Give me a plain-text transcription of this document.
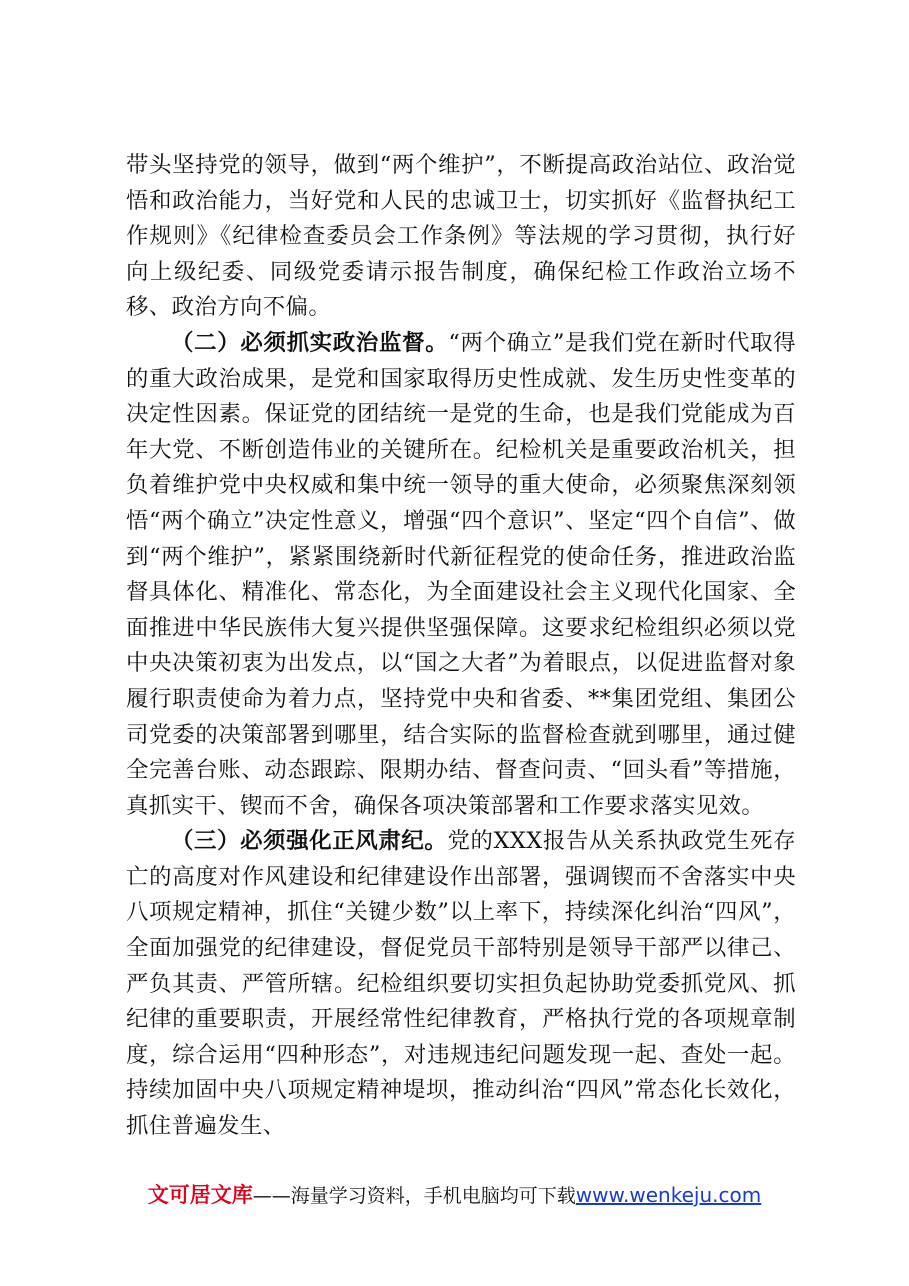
带头坚持党的领导，做到“两个维护”，不断提高政治站位、政治觉悟和政治能力，当好党和人民的忠诚卫士，切实抓好《监督执纪工作规则》《纪律检查委员会工作条例》等法规的学习贯彻，执行好向上级纪委、同级党委请示报告制度，确保纪检工作政治立场不移、政治方向不偏。

（二）必须抓实政治监督。“两个确立”是我们党在新时代取得的重大政治成果，是党和国家取得历史性成就、发生历史性变革的决定性因素。保证党的团结统一是党的生命，也是我们党能成为百年大党、不断创造伟业的关键所在。纪检机关是重要政治机关，担负着维护党中央权威和集中统一领导的重大使命，必须聚焦深刻领悟“两个确立”决定性意义，增强“四个意识”、坚定“四个自信”、做到“两个维护”，紧紧围绕新时代新征程党的使命任务，推进政治监督具体化、精准化、常态化，为全面建设社会主义现代化国家、全面推进中华民族伟大复兴提供坚强保障。这要求纪检组织必须以党中央决策初衷为出发点，以“国之大者”为着眼点，以促进监督对象履行职责使命为着力点，坚持党中央和省委、**集团党组、集团公司党委的决策部署到哪里，结合实际的监督检查就到哪里，通过健全完善台账、动态跟踪、限期办结、督查问责、“回头看”等措施，真抓实干、锲而不舍，确保各项决策部署和工作要求落实见效。

（三）必须强化正风肃纪。党的XXX报告从关系执政党生死存亡的高度对作风建设和纪律建设作出部署，强调锲而不舍落实中央八项规定精神，抓住“关键少数”以上率下，持续深化纠治“四风”，全面加强党的纪律建设，督促党员干部特别是领导干部严以律己、严负其责、严管所辖。纪检组织要切实担负起协助党委抓党风、抓纪律的重要职责，开展经常性纪律教育，严格执行党的各项规章制度，综合运用“四种形态”，对违规违纪问题发现一起、查处一起。持续加固中央八项规定精神堤坝，推动纠治“四风”常态化长效化，抓住普遍发生、

文可居文库——海量学习资料，手机电脑均可下载www.wenkeju.com
